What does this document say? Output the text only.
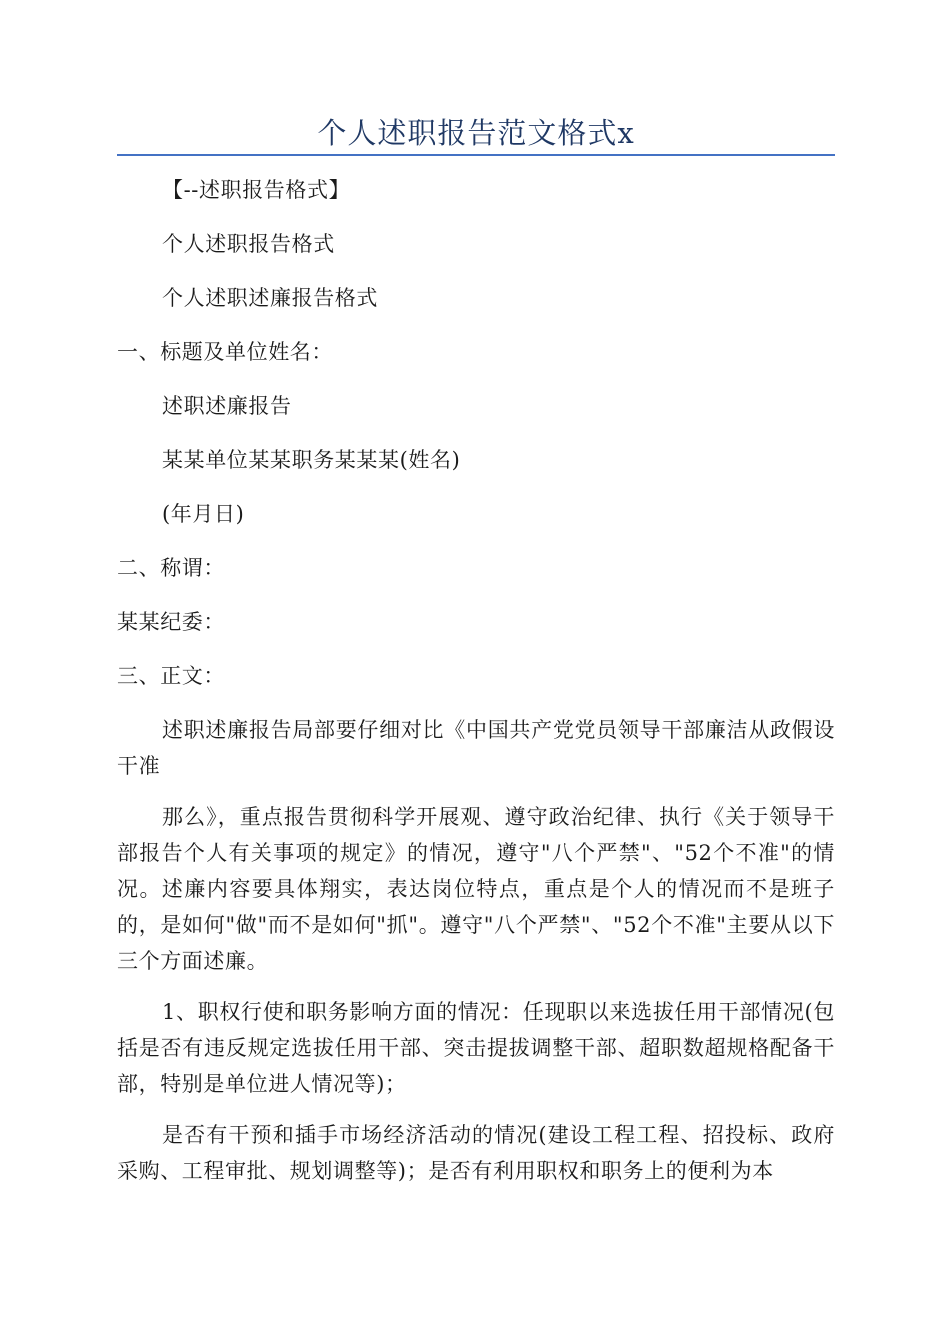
个人述职报告范文格式x

【--述职报告格式】

个人述职报告格式

个人述职述廉报告格式

一、标题及单位姓名：

述职述廉报告

某某单位某某职务某某某(姓名)

(年月日)

二、称谓：

某某纪委：

三、正文：

述职述廉报告局部要仔细对比《中国共产党党员领导干部廉洁从政假设干准

那么》，重点报告贯彻科学开展观、遵守政治纪律、执行《关于领导干部报告个人有关事项的规定》的情况，遵守"八个严禁"、"52个不准"的情况。述廉内容要具体翔实，表达岗位特点，重点是个人的情况而不是班子的，是如何"做"而不是如何"抓"。遵守"八个严禁"、"52个不准"主要从以下三个方面述廉。

1、职权行使和职务影响方面的情况：任现职以来选拔任用干部情况(包括是否有违反规定选拔任用干部、突击提拔调整干部、超职数超规格配备干部，特别是单位进人情况等)；

是否有干预和插手市场经济活动的情况(建设工程工程、招投标、政府采购、工程审批、规划调整等)；是否有利用职权和职务上的便利为本
